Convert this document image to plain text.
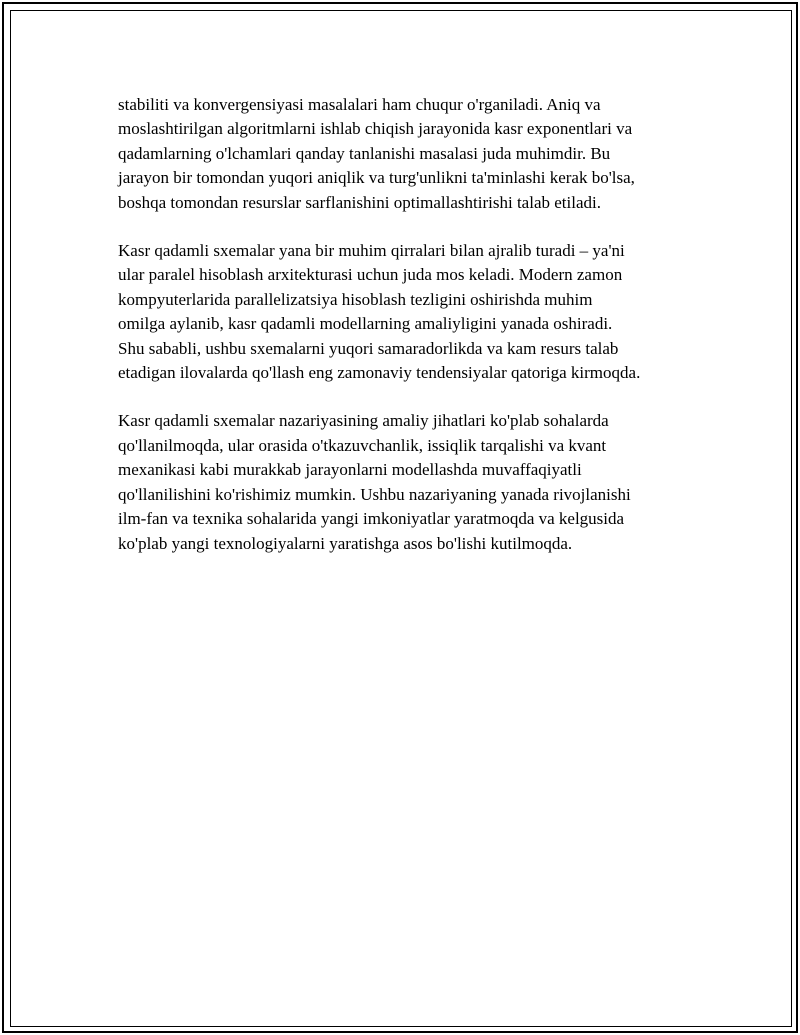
stabiliti va konvergensiyasi masalalari ham chuqur o'rganiladi. Aniq va
moslashtirilgan algoritmlarni ishlab chiqish jarayonida kasr exponentlari va
qadamlarning o'lchamlari qanday tanlanishi masalasi juda muhimdir. Bu
jarayon bir tomondan yuqori aniqlik va turg'unlikni ta'minlashi kerak bo'lsa,
boshqa tomondan resurslar sarflanishini optimallashtirishi talab etiladi.

Kasr qadamli sxemalar yana bir muhim qirralari bilan ajralib turadi – ya'ni
ular paralel hisoblash arxitekturasi uchun juda mos keladi. Modern zamon
kompyuterlarida parallelizatsiya hisoblash tezligini oshirishda muhim
omilga aylanib, kasr qadamli modellarning amaliyligini yanada oshiradi.
Shu sababli, ushbu sxemalarni yuqori samaradorlikda va kam resurs talab
etadigan ilovalarda qo'llash eng zamonaviy tendensiyalar qatoriga kirmoqda.

Kasr qadamli sxemalar nazariyasining amaliy jihatlari ko'plab sohalarda
qo'llanilmoqda, ular orasida o'tkazuvchanlik, issiqlik tarqalishi va kvant
mexanikasi kabi murakkab jarayonlarni modellashda muvaffaqiyatli
qo'llanilishini ko'rishimiz mumkin. Ushbu nazariyaning yanada rivojlanishi
ilm-fan va texnika sohalarida yangi imkoniyatlar yaratmoqda va kelgusida
ko'plab yangi texnologiyalarni yaratishga asos bo'lishi kutilmoqda.
